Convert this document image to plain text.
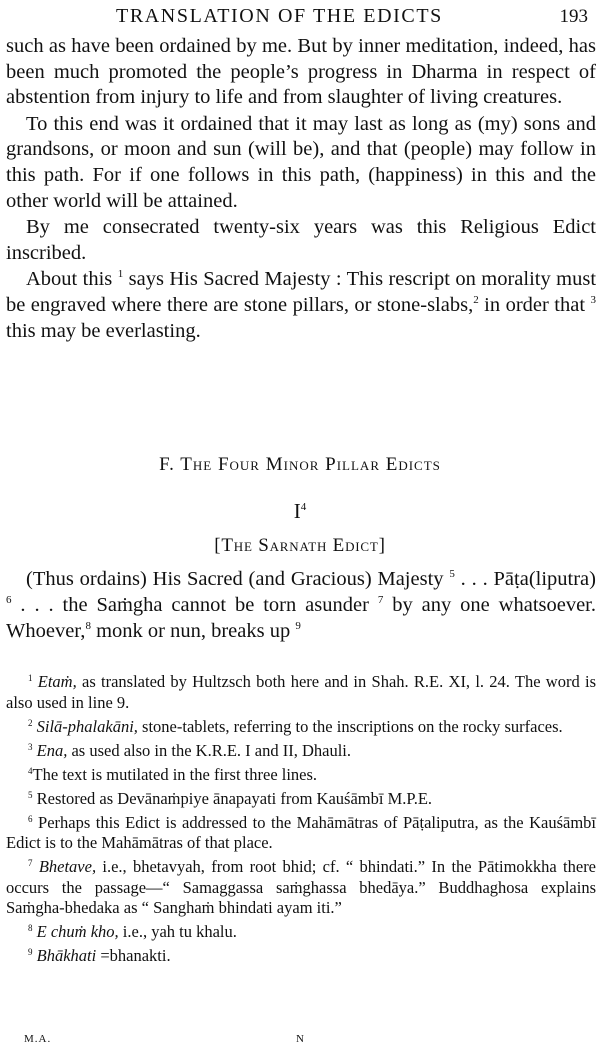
TRANSLATION OF THE EDICTS	193

such as have been ordained by me. But by inner meditation, indeed, has been much promoted the people’s progress in Dharma in respect of abstention from injury to life and from slaughter of living creatures.

To this end was it ordained that it may last as long as (my) sons and grandsons, or moon and sun (will be), and that (people) may follow in this path. For if one follows in this path, (happiness) in this and the other world will be attained.

By me consecrated twenty-six years was this Religious Edict inscribed.

About this $^1$ says His Sacred Majesty : This rescript on morality must be engraved where there are stone pillars, or stone-slabs,$^2$ in order that $^3$ this may be everlasting.

F. The Four Minor Pillar Edicts
$I^4$
[The Sarnath Edict]

(Thus ordains) His Sacred (and Gracious) Majesty $^5$ . . . Pāṭa(liputra) $^6$ . . . the Saṁgha cannot be torn asunder $^7$ by any one whatsoever. Whoever,$^8$ monk or nun, breaks up $^9$

$^1$ Etaṁ, as translated by Hultzsch both here and in Shah. R.E. XI, l. 24. The word is also used in line 9.

$^2$ Silā-phalakāni, stone-tablets, referring to the inscriptions on the rocky surfaces.

$^3$ Ena, as used also in the K.R.E. I and II, Dhauli.

$^4$The text is mutilated in the first three lines.

$^5$ Restored as Devānaṁpiye ānapayati from Kauśāmbī M.P.E.

$^6$ Perhaps this Edict is addressed to the Mahāmātras of Pāṭaliputra, as the Kauśāmbī Edict is to the Mahāmātras of that place.

$^7$ Bhetave, i.e., bhetavyah, from root bhid; cf. “ bhindati.” In the Pātimokkha there occurs the passage—“ Samaggassa saṁghassa bhedāya.” Buddhaghosa explains Saṁgha-bhedaka as “ Sanghaṁ bhindati ayam iti.”

$^8$ E chuṁ kho, i.e., yah tu khalu.

$^9$ Bhākhati =bhanakti.

M.A.	N
